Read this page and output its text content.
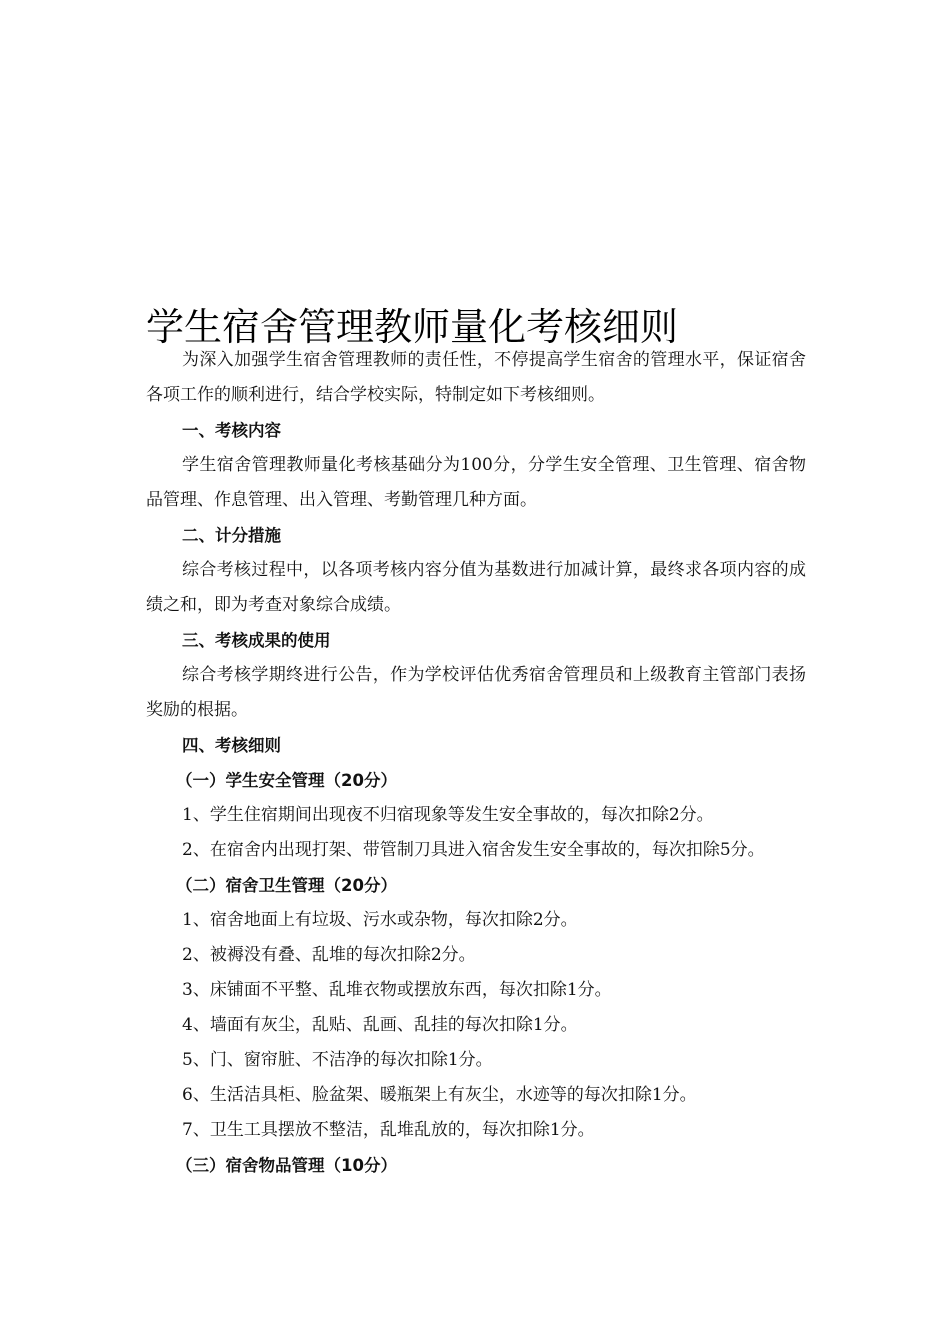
学生宿舍管理教师量化考核细则

为深入加强学生宿舍管理教师的责任性，不停提高学生宿舍的管理水平，保证宿舍各项工作的顺利进行，结合学校实际，特制定如下考核细则。

一、考核内容

学生宿舍管理教师量化考核基础分为100分，分学生安全管理、卫生管理、宿舍物品管理、作息管理、出入管理、考勤管理几种方面。

二、计分措施

综合考核过程中，以各项考核内容分值为基数进行加减计算，最终求各项内容的成绩之和，即为考查对象综合成绩。

三、考核成果的使用

综合考核学期终进行公告，作为学校评估优秀宿舍管理员和上级教育主管部门表扬奖励的根据。

四、考核细则

（一）学生安全管理（20分）

1、学生住宿期间出现夜不归宿现象等发生安全事故的，每次扣除2分。

2、在宿舍内出现打架、带管制刀具进入宿舍发生安全事故的，每次扣除5分。

（二）宿舍卫生管理（20分）

1、宿舍地面上有垃圾、污水或杂物，每次扣除2分。

2、被褥没有叠、乱堆的每次扣除2分。

3、床铺面不平整、乱堆衣物或摆放东西，每次扣除1分。

4、墙面有灰尘，乱贴、乱画、乱挂的每次扣除1分。

5、门、窗帘脏、不洁净的每次扣除1分。

6、生活洁具柜、脸盆架、暖瓶架上有灰尘，水迹等的每次扣除1分。

7、卫生工具摆放不整洁，乱堆乱放的，每次扣除1分。

（三）宿舍物品管理（10分）
